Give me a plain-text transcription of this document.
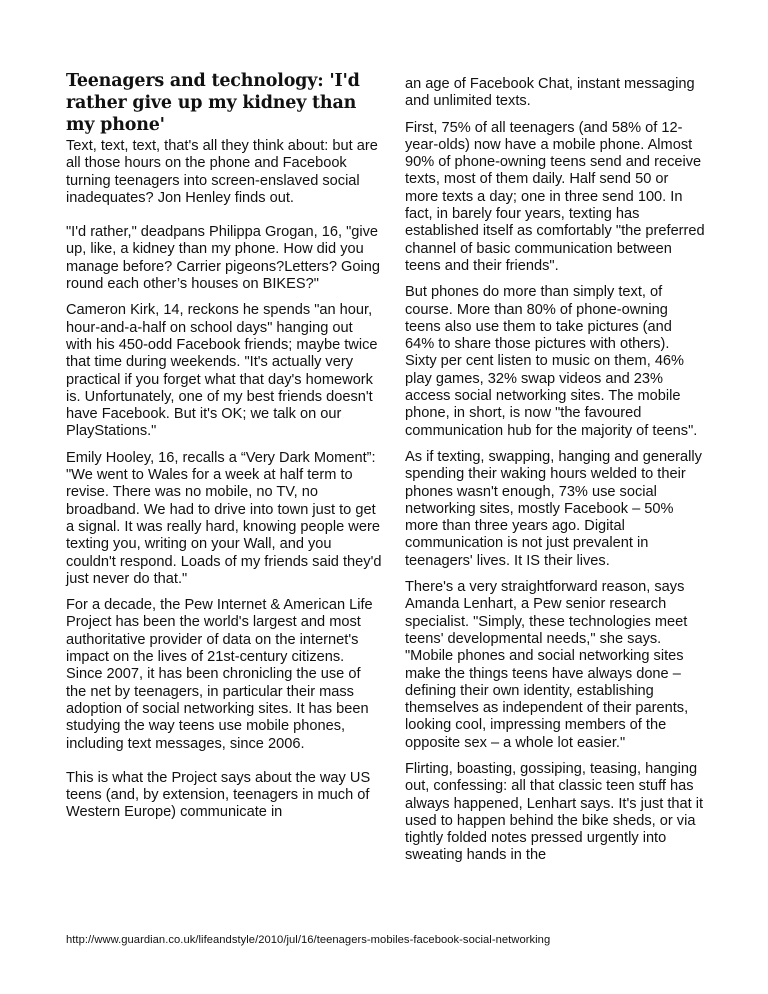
Teenagers and technology: 'I'd rather give up my kidney than my phone'

Text, text, text, that's all they think about: but are all those hours on the phone and Facebook turning teenagers into screen-enslaved social inadequates? Jon Henley finds out.

"I'd rather," deadpans Philippa Grogan, 16, "give up, like, a kidney than my phone. How did you manage before? Carrier pigeons?Letters? Going round each other’s houses on BIKES?"

Cameron Kirk, 14, reckons he spends "an hour, hour-and-a-half on school days" hanging out with his 450-odd Facebook friends; maybe twice that time during weekends. "It's actually very practical if you forget what that day's homework is. Unfortunately, one of my best friends doesn't have Facebook. But it's OK; we talk on our PlayStations."

Emily Hooley, 16, recalls a “Very Dark Moment”: "We went to Wales for a week at half term to revise. There was no mobile, no TV, no broadband. We had to drive into town just to get a signal. It was really hard, knowing people were texting you, writing on your Wall, and you couldn't respond. Loads of my friends said they'd just never do that."

For a decade, the Pew Internet & American Life Project has been the world's largest and most authoritative provider of data on the internet's impact on the lives of 21st-century citizens. Since 2007, it has been chronicling the use of the net by teenagers, in particular their mass adoption of social networking sites. It has been studying the way teens use mobile phones, including text messages, since 2006.

This is what the Project says about the way US teens (and, by extension, teenagers in much of Western Europe) communicate in

an age of Facebook Chat, instant messaging and unlimited texts.

First, 75% of all teenagers (and 58% of 12-year-olds) now have a mobile phone. Almost 90% of phone-owning teens send and receive texts, most of them daily. Half send 50 or more texts a day; one in three send 100. In fact, in barely four years, texting has established itself as comfortably "the preferred channel of basic communication between teens and their friends".

But phones do more than simply text, of course. More than 80% of phone-owning teens also use them to take pictures (and 64% to share those pictures with others). Sixty per cent listen to music on them, 46% play games, 32% swap videos and 23% access social networking sites. The mobile phone, in short, is now "the favoured communication hub for the majority of teens".

As if texting, swapping, hanging and generally spending their waking hours welded to their phones wasn't enough, 73% use social networking sites, mostly Facebook – 50% more than three years ago. Digital communication is not just prevalent in teenagers' lives. It IS their lives.

There's a very straightforward reason, says Amanda Lenhart, a Pew senior research specialist. "Simply, these technologies meet teens' developmental needs," she says. "Mobile phones and social networking sites make the things teens have always done – defining their own identity, establishing themselves as independent of their parents, looking cool, impressing members of the opposite sex – a whole lot easier."

Flirting, boasting, gossiping, teasing, hanging out, confessing: all that classic teen stuff has always happened, Lenhart says. It's just that it used to happen behind the bike sheds, or via tightly folded notes pressed urgently into sweating hands in the

http://www.guardian.co.uk/lifeandstyle/2010/jul/16/teenagers-mobiles-facebook-social-networking
